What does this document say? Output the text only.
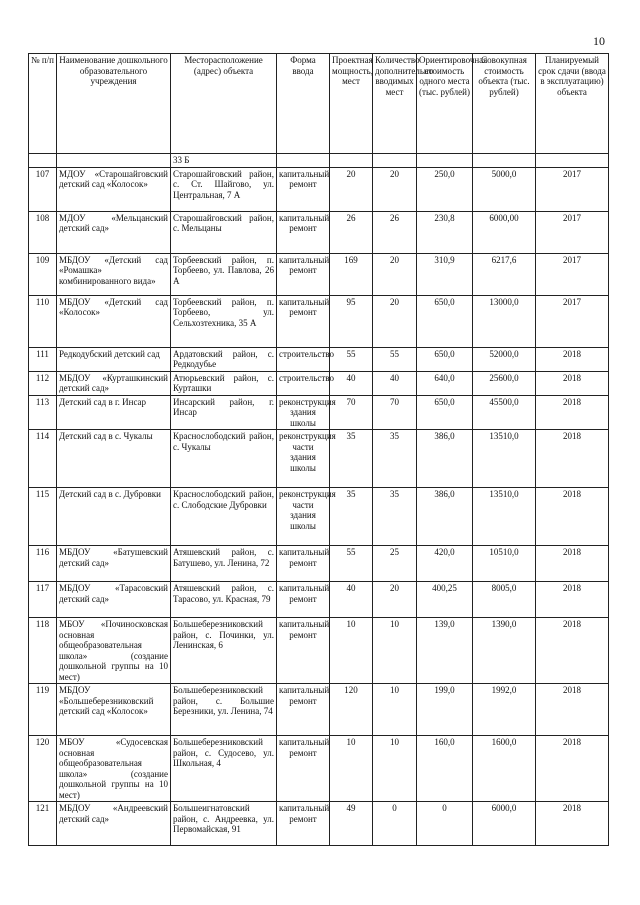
10
№ п/п	Наименование дошкольного образовательного учреждения	Месторасположение (адрес) объекта	Форма ввода	Проектная мощность, мест	Количество дополнительно вводимых мест	Ориентировочная стоимость одного места (тыс. рублей)	Совокупная стоимость объекта (тыс. рублей)	Планируемый срок сдачи (ввода в эксплуатацию) объекта
		33 Б						
107	МДОУ «Старошайговский детский сад «Колосок»	Старошайговский район, с. Ст. Шайгово, ул. Центральная, 7 А	капитальный ремонт	20	20	250,0	5000,0	2017
108	МДОУ «Мельцанский детский сад»	Старошайговский район, с. Мельцаны	капитальный ремонт	26	26	230,8	6000,00	2017
109	МБДОУ «Детский сад «Ромашка» комбинированного вида»	Торбеевский район, п. Торбеево, ул. Павлова, 26 А	капитальный ремонт	169	20	310,9	6217,6	2017
110	МБДОУ «Детский сад «Колосок»	Торбеевский район, п. Торбеево, ул. Сельхозтехника, 35 А	капитальный ремонт	95	20	650,0	13000,0	2017
111	Редкодубский детский сад	Ардатовский район, с. Редкодубье	строительство	55	55	650,0	52000,0	2018
112	МБДОУ «Курташкинский детский сад»	Атюрьевский район, с. Курташки	строительство	40	40	640,0	25600,0	2018
113	Детский сад в г. Инсар	Инсарский район, г. Инсар	реконструкция здания школы	70	70	650,0	45500,0	2018
114	Детский сад в с. Чукалы	Краснослободский район, с. Чукалы	реконструкция части здания школы	35	35	386,0	13510,0	2018
115	Детский сад в с. Дубровки	Краснослободский район, с. Слободские Дубровки	реконструкция части здания школы	35	35	386,0	13510,0	2018
116	МБДОУ «Батушевский детский сад»	Атяшевский район, с. Батушево, ул. Ленина, 72	капитальный ремонт	55	25	420,0	10510,0	2018
117	МБДОУ «Тарасовский детский сад»	Атяшевский район, с. Тарасово, ул. Красная, 79	капитальный ремонт	40	20	400,25	8005,0	2018
118	МБОУ «Починосковская основная общеобразовательная школа» (создание дошкольной группы на 10 мест)	Большеберезниковский район, с. Починки, ул. Ленинская, 6	капитальный ремонт	10	10	139,0	1390,0	2018
119	МБДОУ «Большеберезниковский детский сад «Колосок»	Большеберезниковский район, с. Большие Березники, ул. Ленина, 74	капитальный ремонт	120	10	199,0	1992,0	2018
120	МБОУ «Судосевская основная общеобразовательная школа» (создание дошкольной группы на 10 мест)	Большеберезниковский район, с. Судосево, ул. Школьная, 4	капитальный ремонт	10	10	160,0	1600,0	2018
121	МБДОУ «Андреевский детский сад»	Большеигнатовский район, с. Андреевка, ул. Первомайская, 91	капитальный ремонт	49	0	0	6000,0	2018
